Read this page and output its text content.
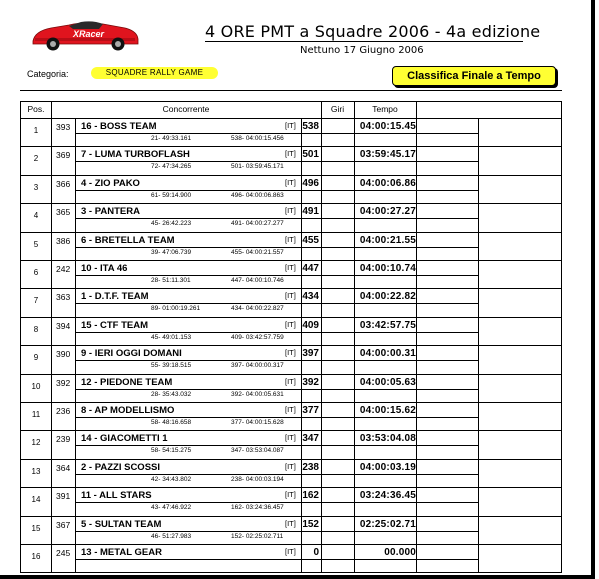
XRacer	4 ORE PMT a Squadre 2006 - 4a edizione
Nettuno 17 Giugno 2006
Categoria:	SQUADRE RALLY GAME	Classifica Finale a Tempo
Pos.	Concorrente	Giri	Tempo
1	393 16 - BOSS TEAM	[IT] 538	04:00:15.45
21- 49:33.161	538- 04:00:15.456
2	369 7 - LUMA TURBOFLASH	[IT] 501	03:59:45.17
72- 47:34.265	501- 03:59:45.171
3	366 4 - ZIO PAKO	[IT] 496	04:00:06.86
61- 59:14.900	496- 04:00:06.863
4	365 3 - PANTERA	[IT] 491	04:00:27.27
45- 26:42.223	491- 04:00:27.277
5	386 6 - BRETELLA TEAM	[IT] 455	04:00:21.55
39- 47:06.739	455- 04:00:21.557
6	242 10 - ITA 46	[IT] 447	04:00:10.74
28- 51:11.301	447- 04:00:10.746
7	363 1 - D.T.F. TEAM	[IT] 434	04:00:22.82
89- 01:00:19.261	434- 04:00:22.827
8	394 15 - CTF TEAM	[IT] 409	03:42:57.75
45- 49:01.153	409- 03:42:57.759
9	390 9 - IERI OGGI DOMANI	[IT] 397	04:00:00.31
55- 39:18.515	397- 04:00:00.317
10	392 12 - PIEDONE TEAM	[IT] 392	04:00:05.63
28- 35:43.032	392- 04:00:05.631
11	236 8 - AP MODELLISMO	[IT] 377	04:00:15.62
58- 48:16.658	377- 04:00:15.628
12	239 14 - GIACOMETTI 1	[IT] 347	03:53:04.08
58- 54:15.275	347- 03:53:04.087
13	364 2 - PAZZI SCOSSI	[IT] 238	04:00:03.19
42- 34:43.802	238- 04:00:03.194
14	391 11 - ALL STARS	[IT] 162	03:24:36.45
43- 47:46.922	162- 03:24:36.457
15	367 5 - SULTAN TEAM	[IT] 152	02:25:02.71
46- 51:27.983	152- 02:25:02.711
16	245 13 - METAL GEAR	[IT]	0	00.000
